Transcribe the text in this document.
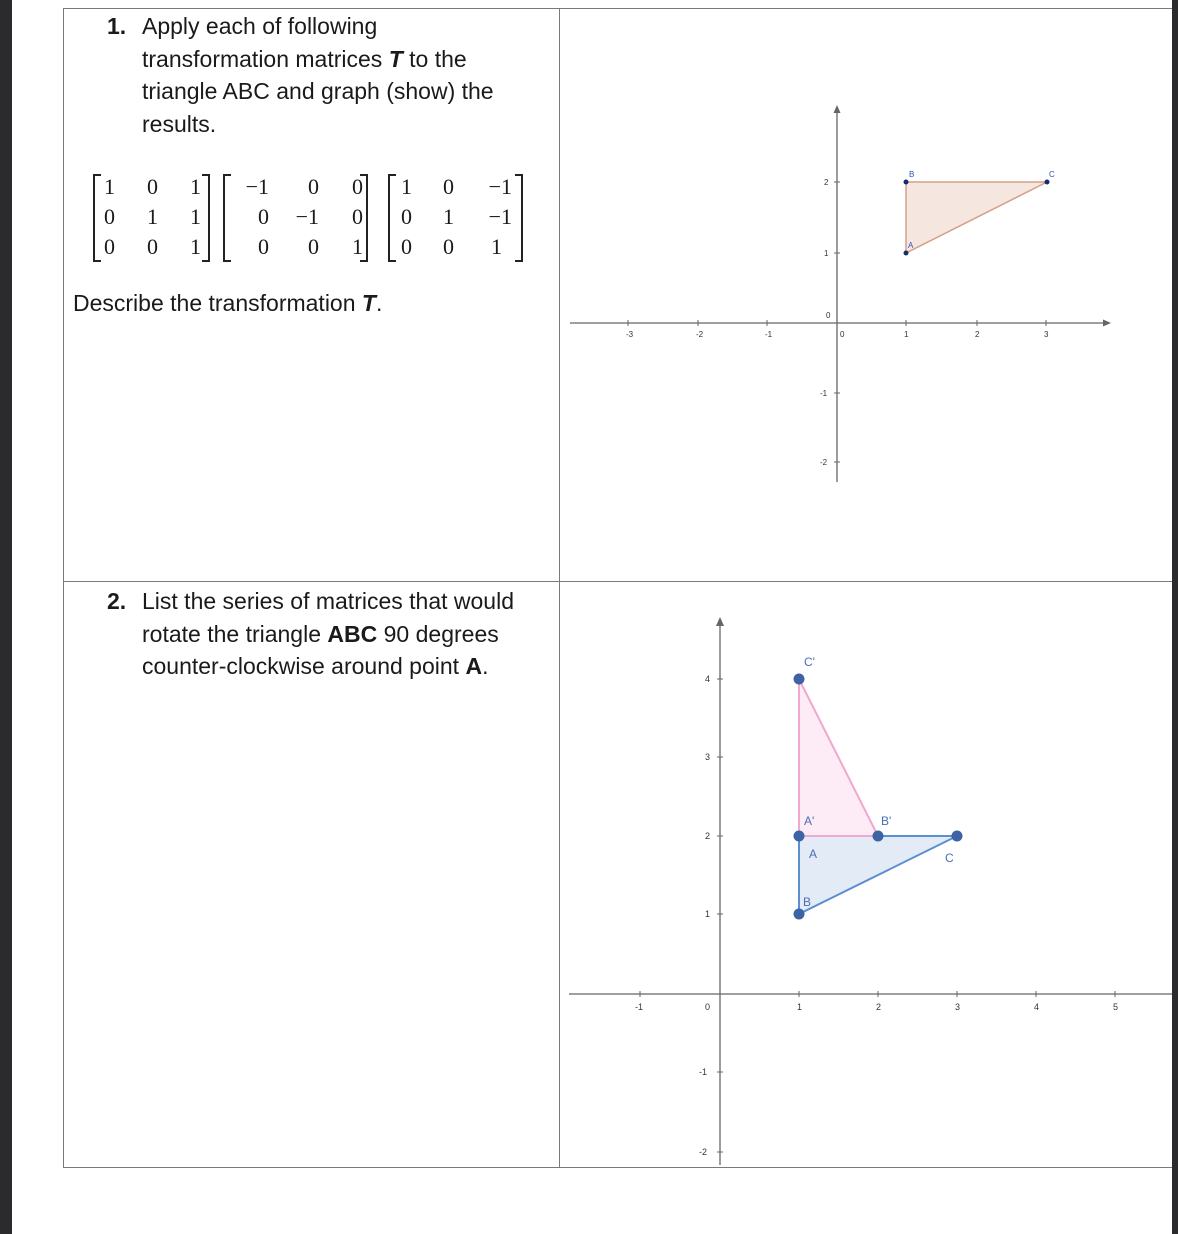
1. Apply each of following
transformation matrices T to the
triangle ABC and graph (show) the
results.
1	0	1
0	1	1
0	0	1
−1	0	0
0	−1	0
0	0	1
1	0	−1
0	1	−1
0	0	1
Describe the transformation T.
2. List the series of matrices that would
rotate the triangle ABC 90 degrees
counter-clockwise around point A.
0
-3	-2	-1	0	1	2	3
2
1
-1
-2
A
B	C
-1	0	1	2	3	4	5
4
3
2
1
-1
-2
C'
A'	B'
C
A
B
